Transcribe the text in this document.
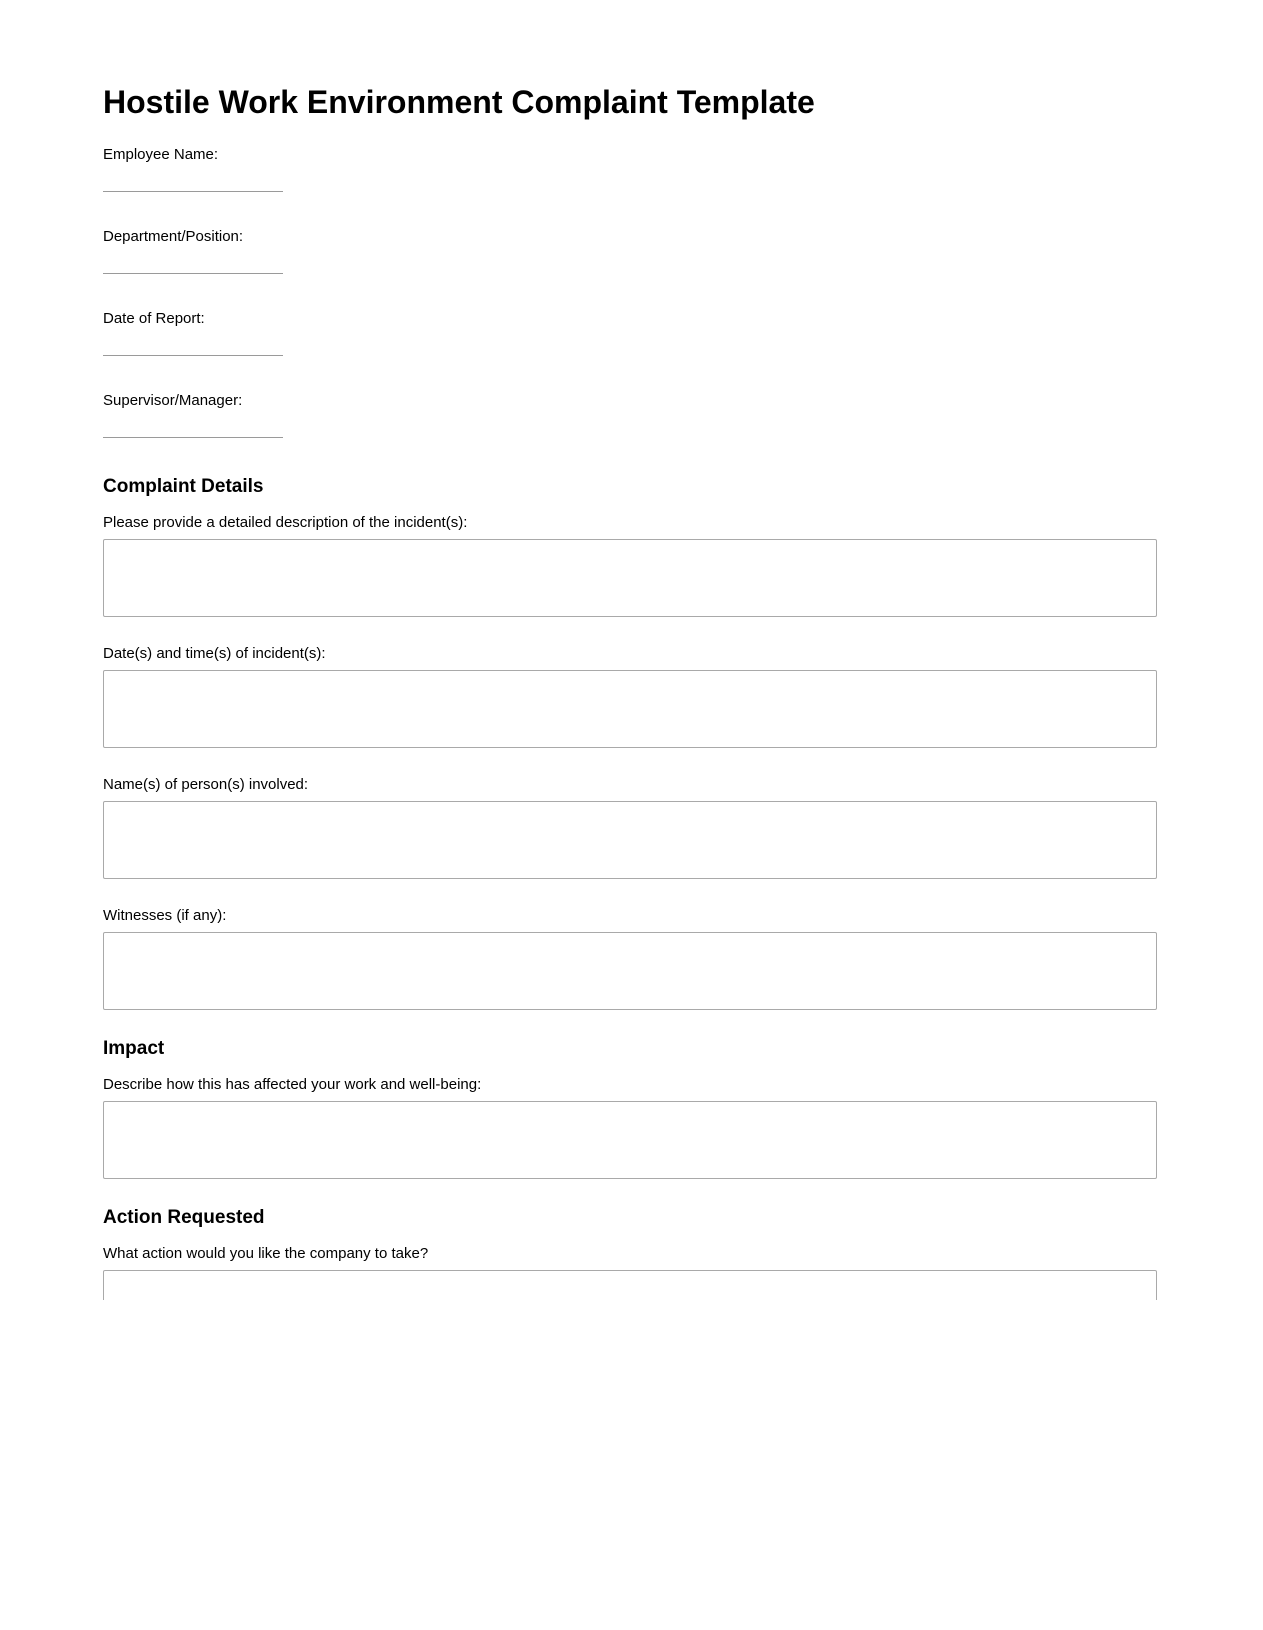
Hostile Work Environment Complaint Template
Employee Name:
Department/Position:
Date of Report:
Supervisor/Manager:
Complaint Details
Please provide a detailed description of the incident(s):
Date(s) and time(s) of incident(s):
Name(s) of person(s) involved:
Witnesses (if any):
Impact
Describe how this has affected your work and well-being:
Action Requested
What action would you like the company to take?
